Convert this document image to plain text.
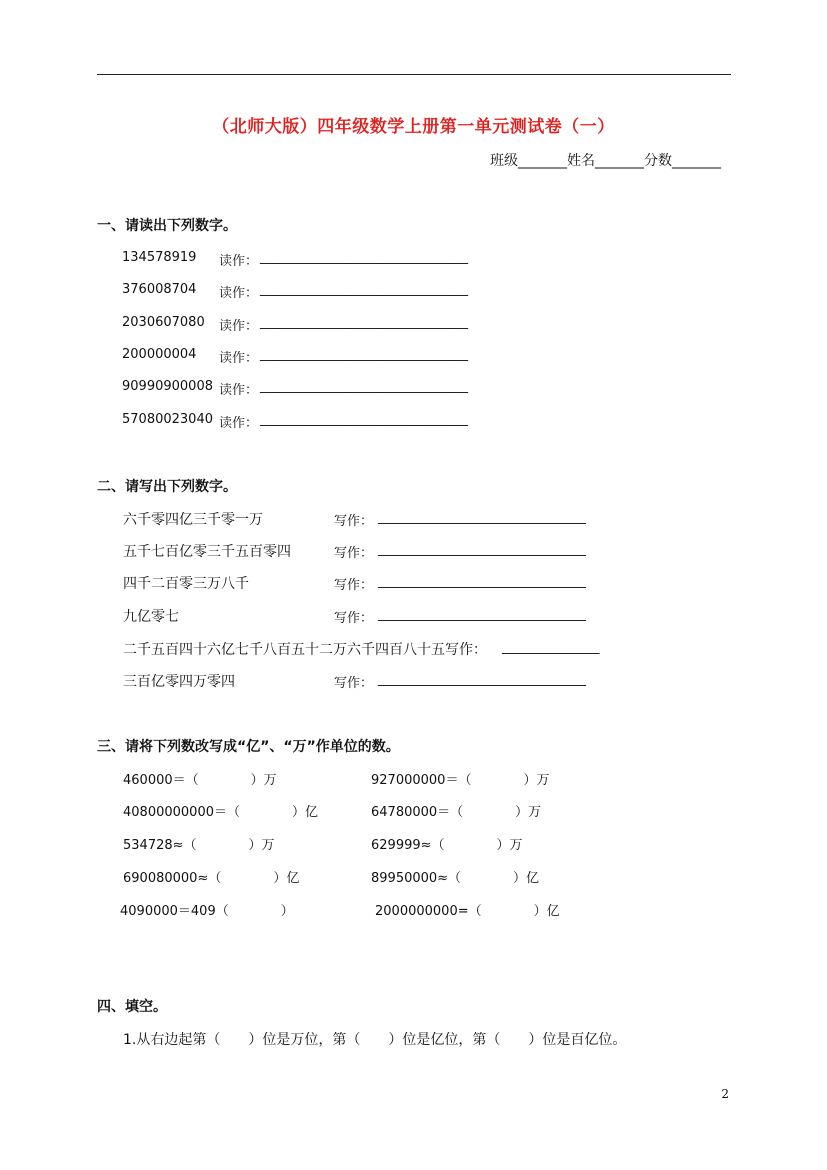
（北师大版）四年级数学上册第一单元测试卷（一）
班级_______姓名_______分数_______
一、请读出下列数字。
134578919 读作： ________________________________
376008704 读作： ________________________________
2030607080 读作： ________________________________
200000004 读作： ________________________________
90990900008 读作： ________________________________
57080023040 读作： ________________________________
二、请写出下列数字。
六千零四亿三千零一万	写作： ________________________________
五千七百亿零三千五百零四	写作： ________________________________
四千二百零三万八千	写作： ________________________________
九亿零七	写作： ________________________________
二千五百四十六亿七千八百五十二万六千四百八十五写作： _______________
三百亿零四万零四	写作： ________________________________
三、请将下列数改写成“亿”、“万”作单位的数。
460000＝（　　　　）万	927000000＝（　　　　）万
40800000000＝（　　　　）亿	64780000＝（　　　　）万
534728≈（　　　　）万	629999≈（　　　　）万
690080000≈（　　　　）亿	89950000≈（　　　　）亿
4090000＝409（　　　　）	2000000000=（　　　　）亿
四、填空。
1.从右边起第（　　）位是万位，第（　　）位是亿位，第（　　）位是百亿位。
2
